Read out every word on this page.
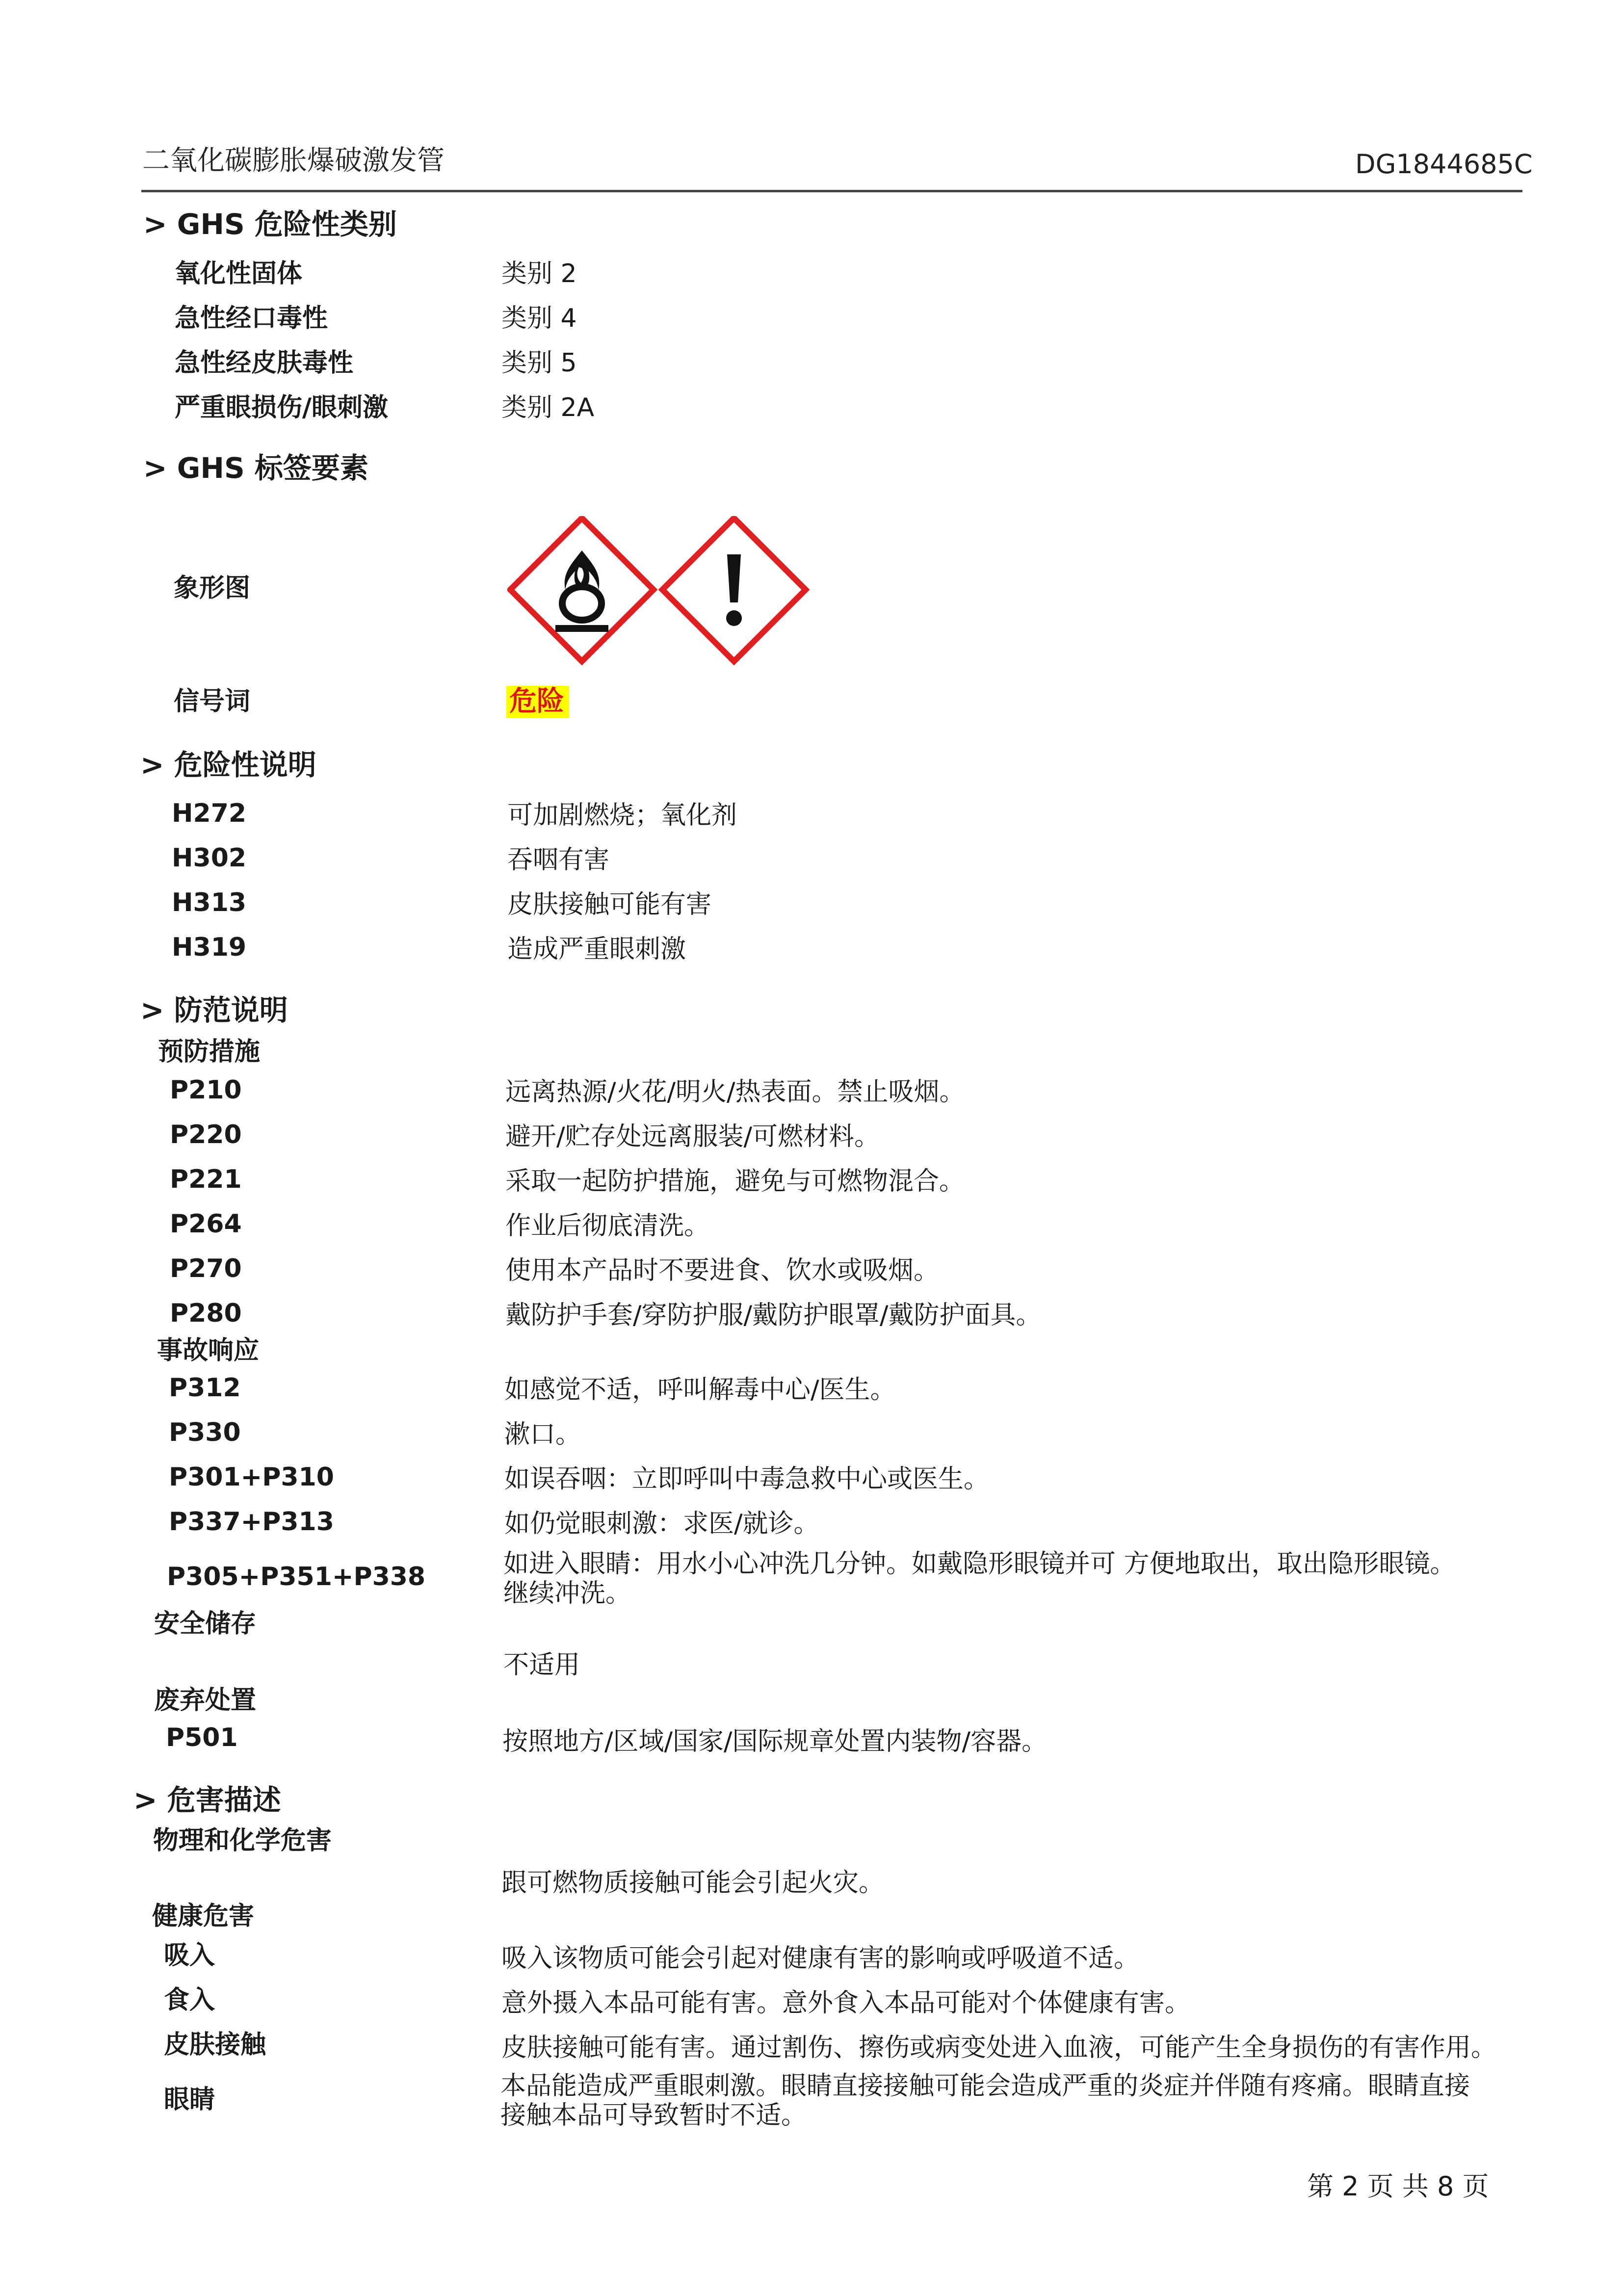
二氧化碳膨胀爆破激发管	DG1844685C
> GHS 危险性类别
氧化性固体	类别 2
急性经口毒性	类别 4
急性经皮肤毒性	类别 5
严重眼损伤/眼刺激	类别 2A
> GHS 标签要素
象形图
信号词	危险
> 危险性说明
H272	可加剧燃烧；氧化剂
H302	吞咽有害
H313	皮肤接触可能有害
H319	造成严重眼刺激
> 防范说明
预防措施
P210	远离热源/火花/明火/热表面。禁止吸烟。
P220	避开/贮存处远离服装/可燃材料。
P221	采取一起防护措施，避免与可燃物混合。
P264	作业后彻底清洗。
P270	使用本产品时不要进食、饮水或吸烟。
P280	戴防护手套/穿防护服/戴防护眼罩/戴防护面具。
事故响应
P312	如感觉不适，呼叫解毒中心/医生。
P330	漱口。
P301+P310	如误吞咽：立即呼叫中毒急救中心或医生。
P337+P313	如仍觉眼刺激：求医/就诊。
P305+P351+P338	如进入眼睛：用水小心冲洗几分钟。如戴隐形眼镜并可 方便地取出，取出隐形眼镜。
继续冲洗。
安全储存
不适用
废弃处置
P501	按照地方/区域/国家/国际规章处置内装物/容器。
> 危害描述
物理和化学危害
跟可燃物质接触可能会引起火灾。
健康危害
吸入	吸入该物质可能会引起对健康有害的影响或呼吸道不适。
食入	意外摄入本品可能有害。意外食入本品可能对个体健康有害。
皮肤接触	皮肤接触可能有害。通过割伤、擦伤或病变处进入血液，可能产生全身损伤的有害作用。
眼睛	本品能造成严重眼刺激。眼睛直接接触可能会造成严重的炎症并伴随有疼痛。眼睛直接
接触本品可导致暂时不适。
第 2 页 共 8 页
